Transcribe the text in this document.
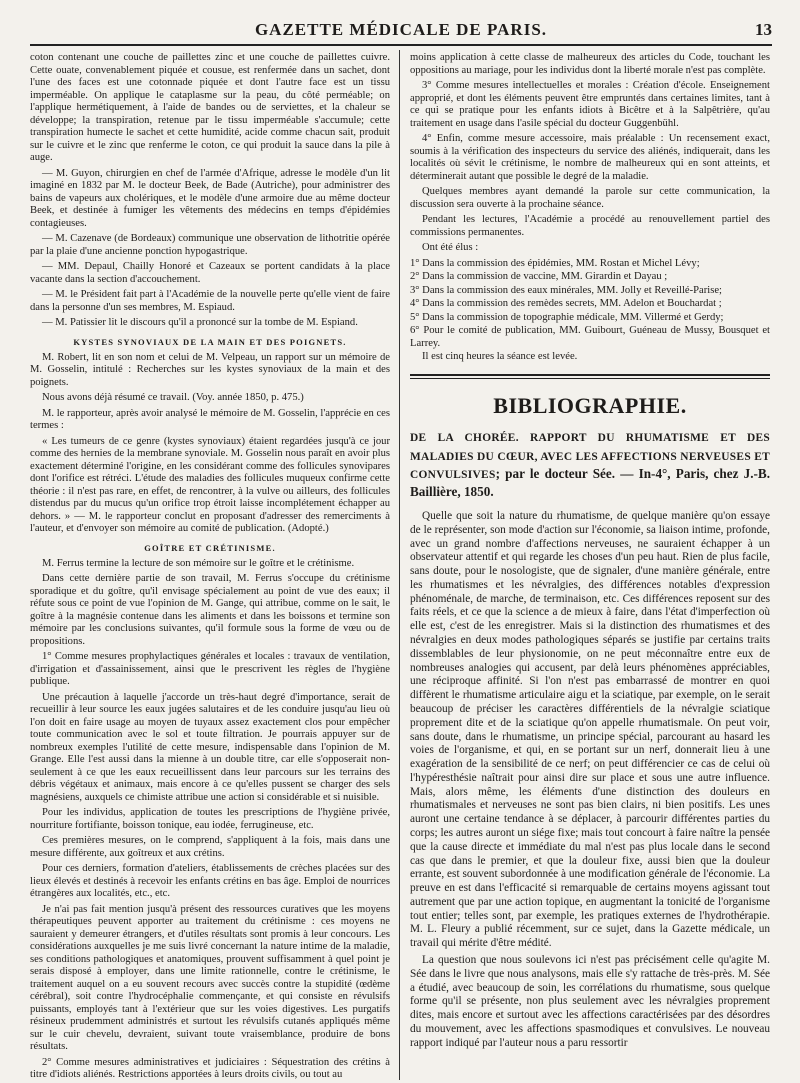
GAZETTE MÉDICALE DE PARIS.	13

coton contenant une couche de paillettes zinc et une couche de paillettes cuivre. Cette ouate, convenablement piquée et cousue, est renfermée dans un sachet, dont l'une des faces est une cotonnade piquée et dont l'autre face est un tissu imperméable. On applique le cataplasme sur la peau, du côté perméable; on l'applique hermétiquement, à l'aide de bandes ou de serviettes, et la chaleur se développe; la transpiration, retenue par le tissu imperméable s'accumule; cette transpiration humecte le sachet et cette humidité, acide comme chacun sait, produit sur le cuivre et le zinc que renferme le coton, ce qui produit la sauce dans la pile à auge.

— M. Guyon, chirurgien en chef de l'armée d'Afrique, adresse le modèle d'un lit imaginé en 1832 par M. le docteur Beek, de Bade (Autriche), pour administrer des bains de vapeurs aux cholériques, et le modèle d'une armoire due au même docteur Beek, et destinée à fumiger les vêtements des médecins en temps d'épidémies contagieuses.

— M. Cazenave (de Bordeaux) communique une observation de lithotritie opérée par la plaie d'une ancienne ponction hypogastrique.

— MM. Depaul, Chailly Honoré et Cazeaux se portent candidats à la place vacante dans la section d'accouchement.

— M. le Président fait part à l'Académie de la nouvelle perte qu'elle vient de faire dans la personne d'un ses membres, M. Espiaud.

— M. Patissier lit le discours qu'il a prononcé sur la tombe de M. Espiand.

KYSTES SYNOVIAUX DE LA MAIN ET DES POIGNETS.

M. Robert, lit en son nom et celui de M. Velpeau, un rapport sur un mémoire de M. Gosselin, intitulé : Recherches sur les kystes synoviaux de la main et des poignets.

Nous avons déjà résumé ce travail. (Voy. année 1850, p. 475.)

M. le rapporteur, après avoir analysé le mémoire de M. Gosselin, l'apprécie en ces termes :

« Les tumeurs de ce genre (kystes synoviaux) étaient regardées jusqu'à ce jour comme des hernies de la membrane synoviale. M. Gosselin nous paraît en avoir plus exactement déterminé l'origine, en les considérant comme des follicules synovipares dont l'orifice est rétréci. L'étude des maladies des follicules muqueux confirme cette théorie : il n'est pas rare, en effet, de rencontrer, à la vulve ou ailleurs, des follicules distendus par du mucus qu'un orifice trop étroit laisse incomplétement échapper au dehors. » — M. le rapporteur conclut en proposant d'adresser des remerciments à l'auteur, et d'envoyer son mémoire au comité de publication. (Adopté.)

GOÎTRE ET CRÉTINISME.

M. Ferrus termine la lecture de son mémoire sur le goître et le crétinisme.

Dans cette dernière partie de son travail, M. Ferrus s'occupe du crétinisme sporadique et du goître, qu'il envisage spécialement au point de vue des eaux; il réfute sous ce point de vue l'opinion de M. Gange, qui attribue, comme on le sait, le goître à la magnésie contenue dans les aliments et dans les boissons et termine son mémoire par les conclusions suivantes, qu'il formule sous la forme de vœu ou de propositions.

1° Comme mesures prophylactiques générales et locales : travaux de ventilation, d'irrigation et d'assainissement, ainsi que le prescrivent les règles de l'hygiène publique.

Une précaution à laquelle j'accorde un très-haut degré d'importance, serait de recueillir à leur source les eaux jugées salutaires et de les conduire jusqu'au lieu où l'on doit en faire usage au moyen de tuyaux assez exactement clos pour empêcher toute communication avec le sol et toute filtration. Je pourrais appuyer sur de nombreux exemples l'utilité de cette mesure, indispensable dans l'opinion de M. Grange. Elle l'est aussi dans la mienne à un double titre, car elle s'opposerait non-seulement à ce que les eaux recueillissent dans leur parcours sur les terrains des débris végétaux et animaux, mais encore à ce qu'elles pussent se charger des sels magnésiens, auxquels ce chimiste attribue une action si considérable et si nuisible.

Pour les individus, application de toutes les prescriptions de l'hygiène privée, nourriture fortifiante, boisson tonique, eau iodée, ferrugineuse, etc.

Ces premières mesures, on le comprend, s'appliquent à la fois, mais dans une mesure différente, aux goîtreux et aux crétins.

Pour ces derniers, formation d'ateliers, établissements de crèches placées sur des lieux élevés et destinés à recevoir les enfants crétins en bas âge. Emploi de nourrices étrangères aux localités, etc., etc.

Je n'ai pas fait mention jusqu'à présent des ressources curatives que les moyens thérapeutiques peuvent apporter au traitement du crétinisme : ces moyens ne sauraient y demeurer étrangers, et d'utiles résultats sont promis à leur concours. Les considérations auxquelles je me suis livré concernant la nature intime de la maladie, ses conditions pathologiques et anatomiques, prouvent suffisamment à quel point je serais disposé à employer, dans une limite rationnelle, contre le crétinisme, le traitement auquel on a eu souvent recours avec succès contre la stupidité (œdème cérébral), soit contre l'hydrocéphalie commençante, et qui consiste en révulsifs puissants, employés tant à l'extérieur que sur les voies digestives. Les purgatifs résineux prudemment administrés et surtout les révulsifs cutanés appliqués même sur le cuir chevelu, devraient, suivant toute vraisemblance, produire de bons résultats.

2° Comme mesures administratives et judiciaires : Séquestration des crétins à titre d'idiots aliénés. Restrictions apportées à leurs droits civils, ou tout au

moins application à cette classe de malheureux des articles du Code, touchant les oppositions au mariage, pour les individus dont la liberté morale n'est pas complète.

3° Comme mesures intellectuelles et morales : Création d'école. Enseignement approprié, et dont les éléments peuvent être empruntés dans certaines limites, tant à ce qui se pratique pour les enfants idiots à Bicêtre et à la Salpêtrière, qu'au traitement en usage dans l'asile spécial du docteur Guggenbühl.

4° Enfin, comme mesure accessoire, mais préalable : Un recensement exact, soumis à la vérification des inspecteurs du service des aliénés, indiquerait, dans les localités où sévit le crétinisme, le nombre de malheureux qui en sont atteints, et déterminerait autant que possible le degré de la maladie.

Quelques membres ayant demandé la parole sur cette communication, la discussion sera ouverte à la prochaine séance.

Pendant les lectures, l'Académie a procédé au renouvellement partiel des commissions permanentes.

Ont été élus :

1° Dans la commission des épidémies, MM. Rostan et Michel Lévy;

2° Dans la commission de vaccine, MM. Girardin et Dayau ;

3° Dans la commission des eaux minérales, MM. Jolly et Reveillé-Parise;

4° Dans la commission des remèdes secrets, MM. Adelon et Bouchardat ;

5° Dans la commission de topographie médicale, MM. Villermé et Gerdy;

6° Pour le comité de publication, MM. Guibourt, Guéneau de Mussy, Bousquet et Larrey.

Il est cinq heures la séance est levée.

BIBLIOGRAPHIE.
DE LA CHORÉE. RAPPORT DU RHUMATISME ET DES MALADIES DU CŒUR, AVEC LES AFFECTIONS NERVEUSES ET CONVULSIVES; par le docteur Sée. — In-4°, Paris, chez J.-B. Baillière, 1850.

Quelle que soit la nature du rhumatisme, de quelque manière qu'on essaye de le représenter, son mode d'action sur l'économie, sa liaison intime, profonde, avec un grand nombre d'affections nerveuses, ne sauraient échapper à un observateur attentif et qui regarde les choses d'un peu haut. Rien de plus facile, sans doute, pour le nosologiste, que de signaler, d'une manière générale, entre les rhumatismes et les névralgies, des différences notables d'expression phénoménale, de marche, de terminaison, etc. Ces différences reposent sur des faits réels, et ce que la science a de mieux à faire, dans l'état d'imperfection où elle est, c'est de les enregistrer. Mais si la distinction des rhumatismes et des névralgies en deux modes pathologiques séparés se justifie par certains traits dissemblables de leur physionomie, on ne peut méconnaître entre eux de nombreuses analogies qui accusent, par delà leurs phénomènes appréciables, une réciproque affinité. Si l'on n'est pas embarrassé de montrer en quoi diffèrent le rhumatisme articulaire aigu et la sciatique, par exemple, on le serait beaucoup de préciser les caractères différentiels de la névralgie sciatique proprement dite et de la sciatique qu'on appelle rhumatismale. On peut voir, sans doute, dans le rhumatisme, un principe spécial, parcourant au hasard les voies de l'organisme, et qui, en se portant sur un nerf, donnerait lieu à une exagération de la sensibilité de ce nerf; on peut différencier ce cas de celui où l'hypéresthésie naîtrait pour ainsi dire sur place et sous une autre influence. Mais, alors même, les éléments d'une distinction des douleurs en rhumatismales et nerveuses ne sont pas bien clairs, ni bien positifs. Les unes auront une certaine tendance à se déplacer, à parcourir différentes parties du corps; les autres auront un siége fixe; mais tout concourt à faire naître la pensée que la cause directe et immédiate du mal n'est pas plus locale dans le second cas que dans le premier, et que la douleur fixe, aussi bien que la douleur errante, est souvent subordonnée à une modification générale de l'économie. La preuve en est dans l'efficacité si remarquable de certains moyens agissant tout autrement que par une action topique, en augmentant la tonicité de l'organisme tout entier; telles sont, par exemple, les pratiques externes de l'hydrothérapie. M. L. Fleury a publié récemment, sur ce sujet, dans la Gazette médicale, un travail qui mérite d'être médité.

La question que nous soulevons ici n'est pas précisément celle qu'agite M. Sée dans le livre que nous analysons, mais elle s'y rattache de très-près. M. Sée a étudié, avec beaucoup de soin, les corrélations du rhumatisme, sous quelque forme qu'il se présente, non plus seulement avec les névralgies proprement dites, mais encore et surtout avec les affections caractérisées par des désordres du mouvement, avec les affections spasmodiques et convulsives. Le nouveau rapport indiqué par l'auteur nous a paru ressortir
